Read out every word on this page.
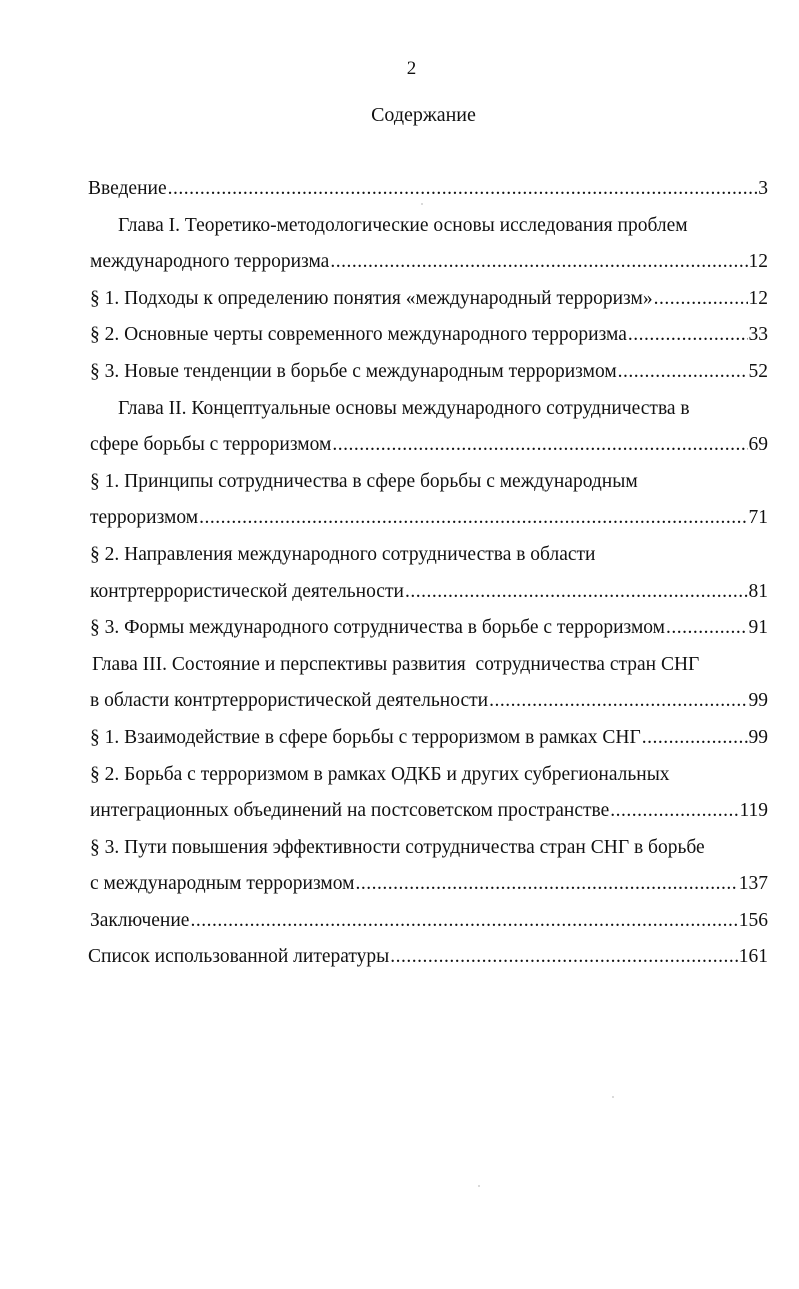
2
Содержание
Введение .....	3
Глава I. Теоретико-методологические основы исследования проблем
международного терроризма .....	12
§ 1. Подходы к определению понятия «международный терроризм» .....	12
§ 2. Основные черты современного международного терроризма .....	33
§ 3. Новые тенденции в борьбе с международным терроризмом .....	52
Глава II. Концептуальные основы международного сотрудничества в
сфере борьбы с терроризмом .....	69
§ 1. Принципы сотрудничества в сфере борьбы с международным
терроризмом .....	71
§ 2. Направления международного сотрудничества в области
контртеррористической деятельности .....	81
§ 3. Формы международного сотрудничества в борьбе с терроризмом .....	91
Глава III. Состояние и перспективы развития  сотрудничества стран СНГ
в области контртеррористической деятельности .....	99
§ 1. Взаимодействие в сфере борьбы с терроризмом в рамках СНГ .....	99
§ 2. Борьба с терроризмом в рамках ОДКБ и других субрегиональных
интеграционных объединений на постсоветском пространстве .....	119
§ 3. Пути повышения эффективности сотрудничества стран СНГ в борьбе
с международным терроризмом .....	137
Заключение .....	156
Список использованной литературы .....	161
